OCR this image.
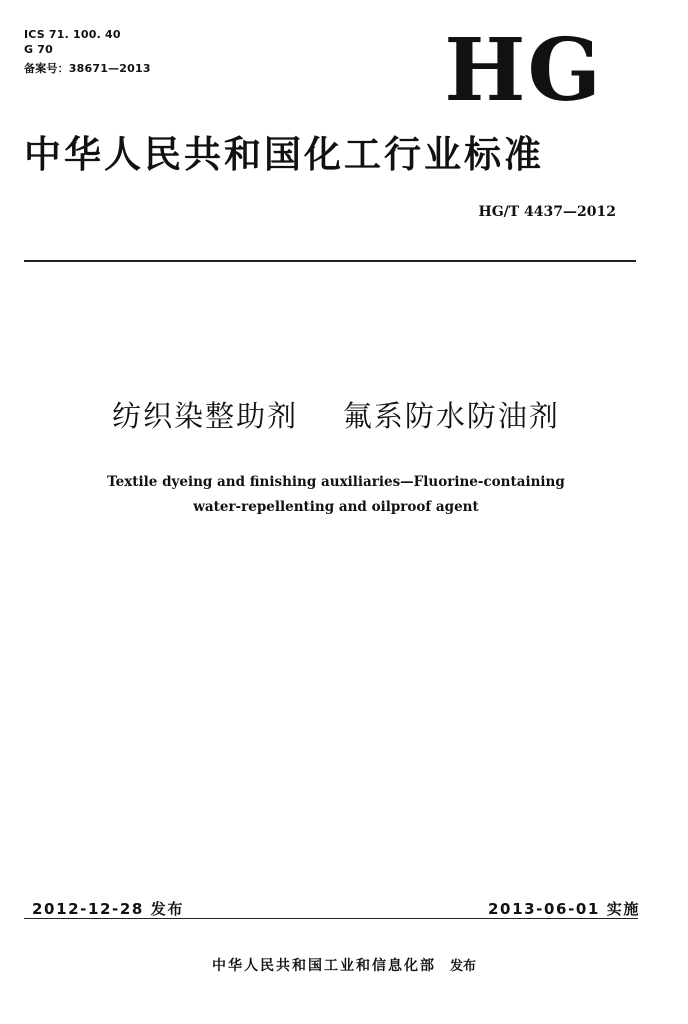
ICS 71. 100. 40
G 70
备案号：38671—2013	HG
中华人民共和国化工行业标准
HG/T 4437—2012
纺织染整助剂    氟系防水防油剂
Textile dyeing and finishing auxiliaries—Fluorine-containing
water-repellenting and oilproof agent
2012-12-28 发布	2013-06-01 实施
中华人民共和国工业和信息化部 发布
